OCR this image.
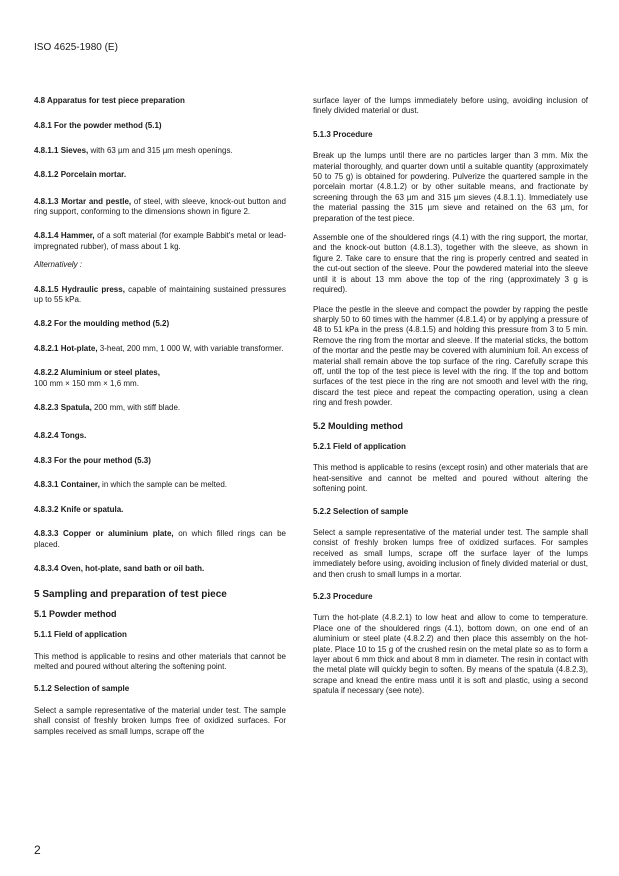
ISO 4625-1980 (E)

4.8 Apparatus for test piece preparation

4.8.1 For the powder method (5.1)

4.8.1.1 Sieves, with 63 µm and 315 µm mesh openings.

4.8.1.2 Porcelain mortar.

4.8.1.3 Mortar and pestle, of steel, with sleeve, knock-out button and ring support, conforming to the dimensions shown in figure 2.

4.8.1.4 Hammer, of a soft material (for example Babbit's metal or lead-impregnated rubber), of mass about 1 kg.

Alternatively :

4.8.1.5 Hydraulic press, capable of maintaining sustained pressures up to 55 kPa.

4.8.2 For the moulding method (5.2)

4.8.2.1 Hot-plate, 3-heat, 200 mm, 1 000 W, with variable transformer.

4.8.2.2 Aluminium or steel plates,
100 mm × 150 mm × 1,6 mm.

4.8.2.3 Spatula, 200 mm, with stiff blade.

4.8.2.4 Tongs.

4.8.3 For the pour method (5.3)

4.8.3.1 Container, in which the sample can be melted.

4.8.3.2 Knife or spatula.

4.8.3.3 Copper or aluminium plate, on which filled rings can be placed.

4.8.3.4 Oven, hot-plate, sand bath or oil bath.

5 Sampling and preparation of test piece

5.1 Powder method

5.1.1 Field of application

This method is applicable to resins and other materials that cannot be melted and poured without altering the softening point.

5.1.2 Selection of sample

Select a sample representative of the material under test. The sample shall consist of freshly broken lumps free of oxidized surfaces. For samples received as small lumps, scrape off the

surface layer of the lumps immediately before using, avoiding inclusion of finely divided material or dust.

5.1.3 Procedure

Break up the lumps until there are no particles larger than 3 mm. Mix the material thoroughly, and quarter down until a suitable quantity (approximately 50 to 75 g) is obtained for powdering. Pulverize the quartered sample in the porcelain mortar (4.8.1.2) or by other suitable means, and fractionate by screening through the 63 µm and 315 µm sieves (4.8.1.1). Immediately use the material passing the 315 µm sieve and retained on the 63 µm, for preparation of the test piece.

Assemble one of the shouldered rings (4.1) with the ring support, the mortar, and the knock-out button (4.8.1.3), together with the sleeve, as shown in figure 2. Take care to ensure that the ring is properly centred and seated in the cut-out section of the sleeve. Pour the powdered material into the sleeve until it is about 13 mm above the top of the ring (approximately 3 g is required).

Place the pestle in the sleeve and compact the powder by rapping the pestle sharply 50 to 60 times with the hammer (4.8.1.4) or by applying a pressure of 48 to 51 kPa in the press (4.8.1.5) and holding this pressure from 3 to 5 min. Remove the ring from the mortar and sleeve. If the material sticks, the bottom of the mortar and the pestle may be covered with aluminium foil. An excess of material shall remain above the top surface of the ring. Carefully scrape this off, until the top of the test piece is level with the ring. If the top and bottom surfaces of the test piece in the ring are not smooth and level with the ring, discard the test piece and repeat the compacting operation, using a clean ring and fresh powder.

5.2 Moulding method

5.2.1 Field of application

This method is applicable to resins (except rosin) and other materials that are heat-sensitive and cannot be melted and poured without altering the softening point.

5.2.2 Selection of sample

Select a sample representative of the material under test. The sample shall consist of freshly broken lumps free of oxidized surfaces. For samples received as small lumps, scrape off the surface layer of the lumps immediately before using, avoiding inclusion of finely divided material or dust, and then crush to small lumps in a mortar.

5.2.3 Procedure

Turn the hot-plate (4.8.2.1) to low heat and allow to come to temperature. Place one of the shouldered rings (4.1), bottom down, on one end of an aluminium or steel plate (4.8.2.2) and then place this assembly on the hot-plate. Place 10 to 15 g of the crushed resin on the metal plate so as to form a layer about 6 mm thick and about 8 mm in diameter. The resin in contact with the metal plate will quickly begin to soften. By means of the spatula (4.8.2.3), scrape and knead the entire mass until it is soft and plastic, using a second spatula if necessary (see note).

2
